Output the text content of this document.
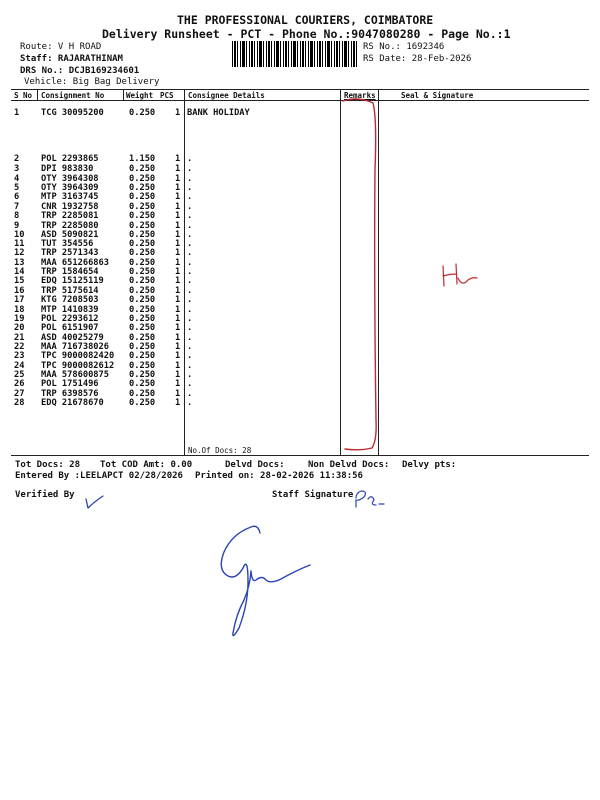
THE PROFESSIONAL COURIERS, COIMBATORE
Delivery Runsheet - PCT - Phone No.:9047080280 - Page No.:1
Route: V H ROAD
Staff: RAJARATHINAM
DRS No.: DCJB169234601
Vehicle: Big Bag Delivery
RS No.: 1692346
RS Date: 28-Feb-2026
S No Consignment No	Weight PCS Consignee Details	Remarks	Seal & Signature
1	TCG 30095200	0.250 1 BANK HOLIDAY
2	POL 2293865	1.150 1 .
3	DPI 983830	0.250 1 .
4	OTY 3964308	0.250 1 .
5	OTY 3964309	0.250 1 .
6	MTP 3163745	0.250 1 .
7	CNR 1932758	0.250 1 .
8	TRP 2285081	0.250 1 .
9	TRP 2285080	0.250 1 .
10 ASD 5090821	0.250 1 .
11 TUT 354556	0.250 1 .
12 TRP 2571343	0.250 1 .
13 MAA 651266863 0.250 1 .
14 TRP 1584654	0.250 1 .
15 EDQ 15125119	0.250 1 .
16 TRP 5175614	0.250 1 .
17 KTG 7208503	0.250 1 .
18 MTP 1410839	0.250 1 .
19 POL 2293612	0.250 1 .
20 POL 6151907	0.250 1 .
21 ASD 40025279	0.250 1 .
22 MAA 716738026 0.250 1 .
23 TPC 9000082420 0.250 1 .
24 TPC 9000082612 0.250 1 .
25 MAA 578600875 0.250 1 .
26 POL 1751496	0.250 1 .
27 TRP 6398576	0.250 1 .
28 EDQ 21678670	0.250 1 .
No.Of Docs: 28
Tot Docs: 28 Tot COD Amt: 0.00	Delvd Docs:	Non Delvd Docs: Delvy pts:
Entered By :LEELAPCT 02/28/2026 Printed on: 28-02-2026 11:38:56
Verified By	Staff Signature
